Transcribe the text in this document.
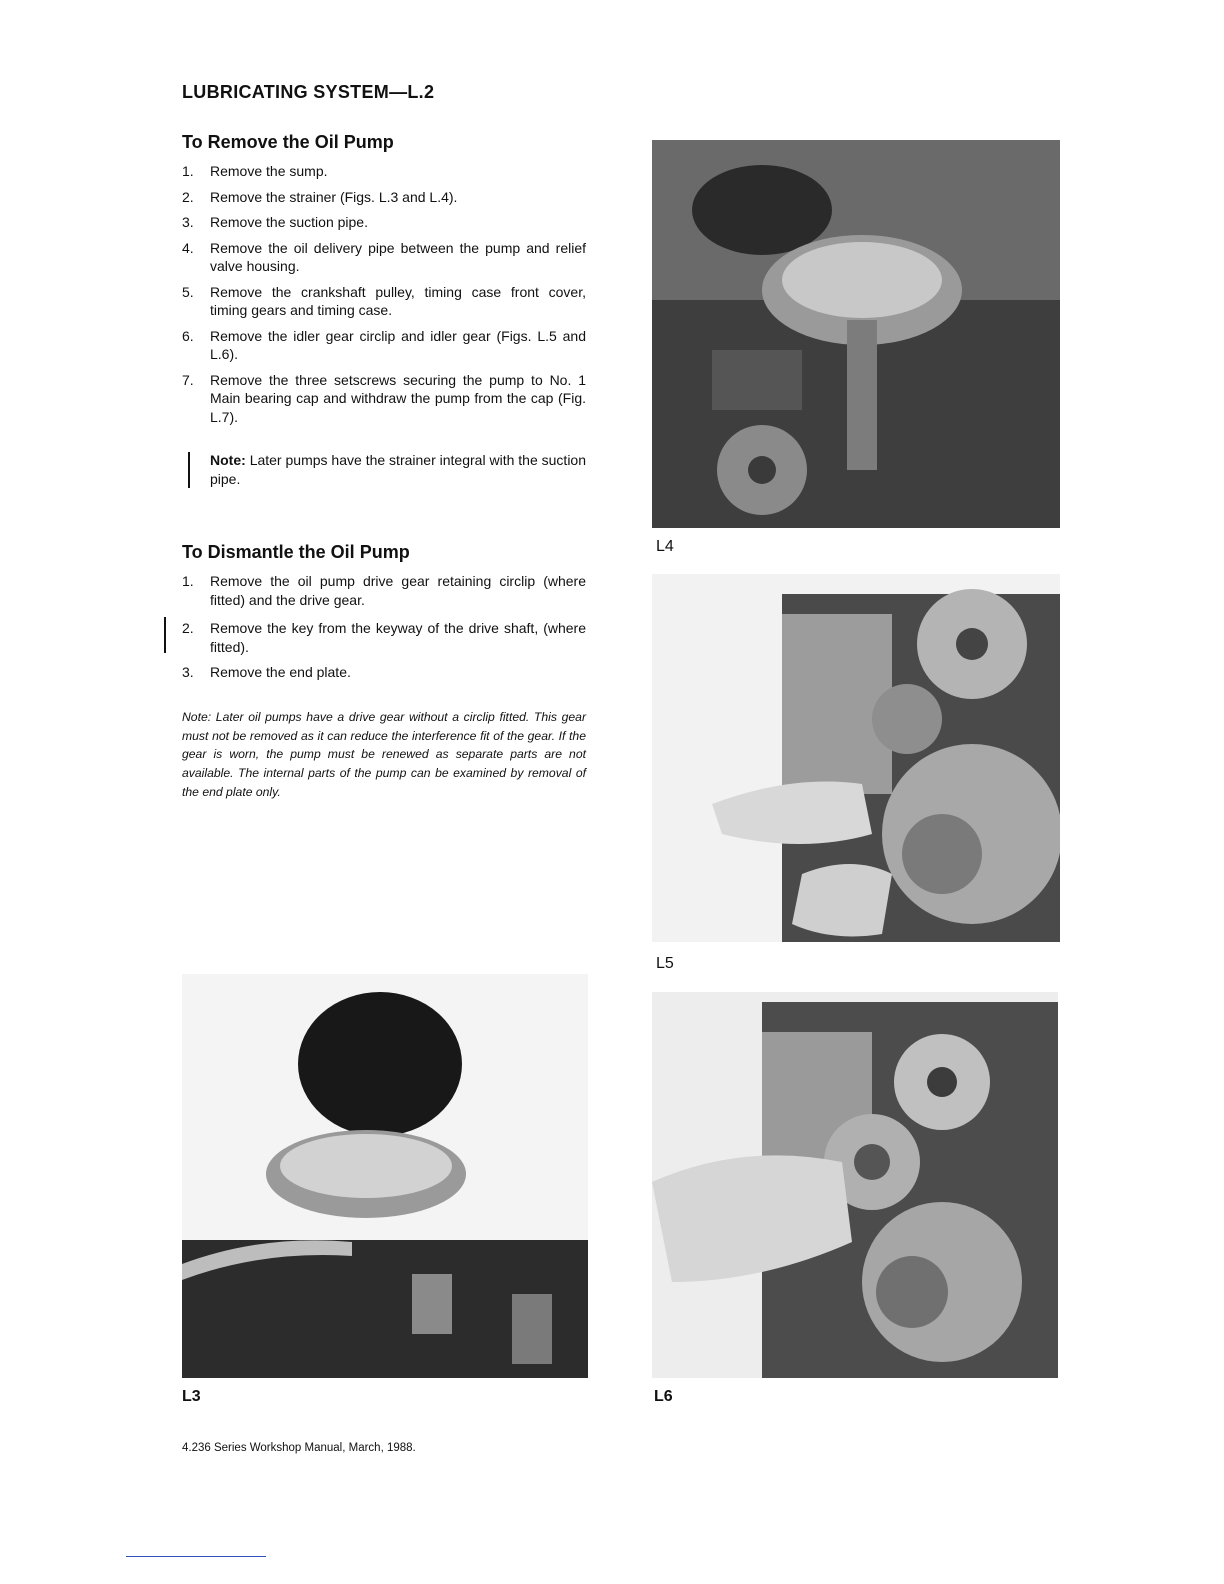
LUBRICATING SYSTEM—L.2
To Remove the Oil Pump
1. Remove the sump.
2. Remove the strainer (Figs. L.3 and L.4).
3. Remove the suction pipe.
4. Remove the oil delivery pipe between the pump and relief valve housing.
5. Remove the crankshaft pulley, timing case front cover, timing gears and timing case.
6. Remove the idler gear circlip and idler gear (Figs. L.5 and L.6).
7. Remove the three setscrews securing the pump to No. 1 Main bearing cap and withdraw the pump from the cap (Fig. L.7).

Note: Later pumps have the strainer integral with the suction pipe.

To Dismantle the Oil Pump
1. Remove the oil pump drive gear retaining circlip (where fitted) and the drive gear.
2. Remove the key from the keyway of the drive shaft, (where fitted).
3. Remove the end plate.

Note: Later oil pumps have a drive gear without a circlip fitted. This gear must not be removed as it can reduce the interference fit of the gear. If the gear is worn, the pump must be renewed as separate parts are not available. The internal parts of the pump can be examined by removal of the end plate only.

L4

L5

L3	L6

4.236 Series Workshop Manual, March, 1988.
